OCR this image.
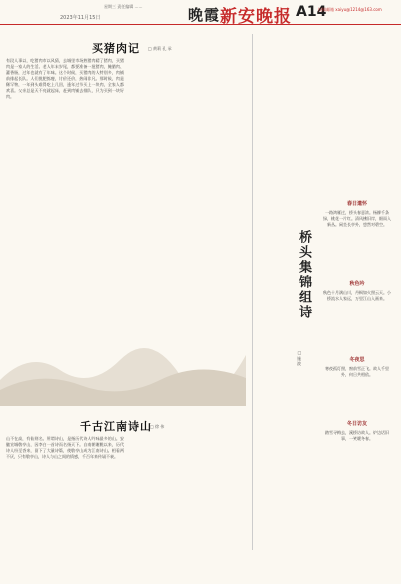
2023年11月15日
星期三 责任编辑 ……	晚霞 新安晚报 A14
投稿邮箱 xaiyu@1214@163.com
买猪肉记 □ 黄莉 孔 承
有段人事以，吃猪肉市以风猜，去城里市场熟猪肉精了猪肉，买猪肉是一家人的生活。老人年末岁尾，都要准备一批猪肉，腌腊肉、灌香肠，过年也就有了年味。这个时候，买猪肉的人特别多，肉铺前排起长队。人们挑肥拣瘦，讨价还价，热闹非凡。那时候，肉是稀罕物，一年到头难得吃上几回，逢年过节买上一块肉，全家人都欢喜。父亲总是天不亮就起床，赶到肉铺去排队，只为买到一块好肉。
千古江南诗山
□ 徐 伟
山不在高，有仙则名。所谓诗山，是指历代诗人吟咏最多的山。安徽宣城敬亭山，因李白一首诗而名扬天下。自南朝谢朓以来，历代诗人纷至沓来，留下了大量诗篇，使敬亭山成为江南诗山。相看两不厌，只有敬亭山，诗人与山之间的情感，千百年来传诵不衰。
春日遣怀
一路鸿雁过，桥头春意浓。杨柳千条绿，桃花一片红。清风拂旧岸，细雨入新丛。闲坐长亭外，悠然对碧空。
秋色吟
秋色十月满山川，丹枫如火照云天。小桥流水人家远，万里江山入画来。
冬夜思
寒夜孤灯照，窗前雪正飞。故人千里外，何日共相依。
冬日访友
踏雪寻梅去，溪桥访故人。炉边话旧事，一笑暖冬春。
桥头集锦组诗
□ 施 波
